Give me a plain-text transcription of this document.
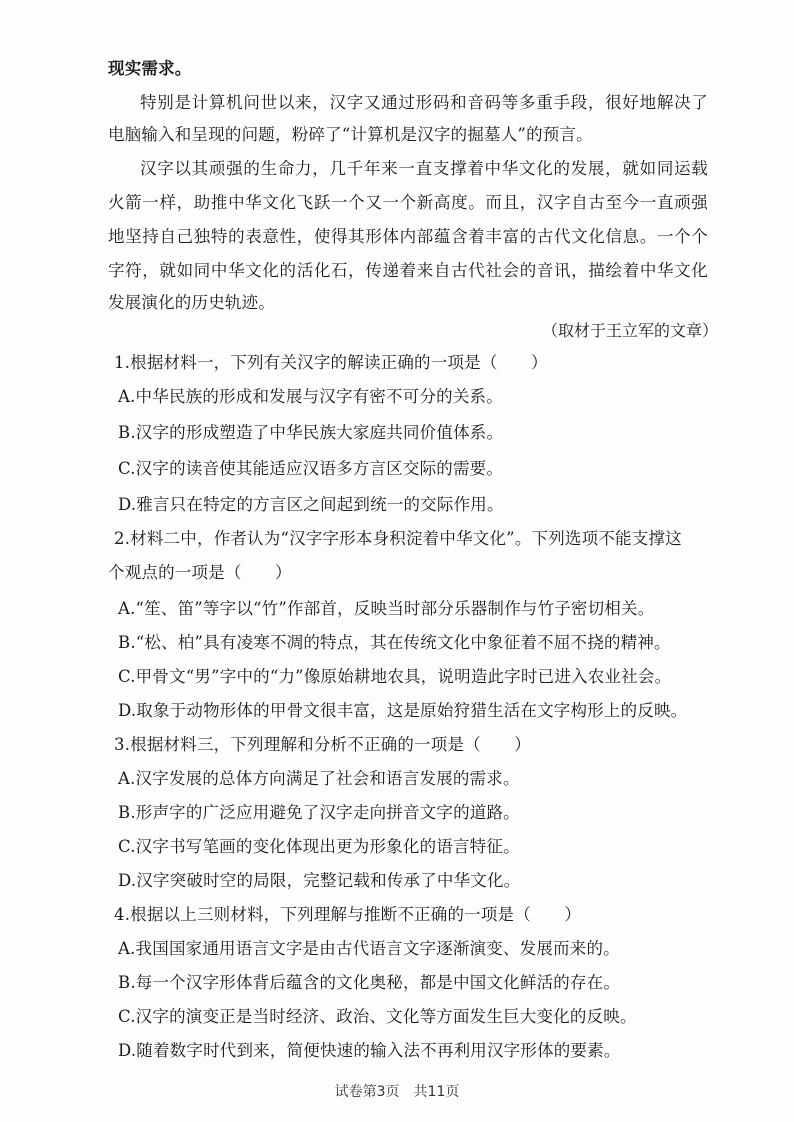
现实需求。
特别是计算机问世以来，汉字又通过形码和音码等多重手段，很好地解决了
电脑输入和呈现的问题，粉碎了“计算机是汉字的掘墓人”的预言。
汉字以其顽强的生命力，几千年来一直支撑着中华文化的发展，就如同运载
火箭一样，助推中华文化飞跃一个又一个新高度。而且，汉字自古至今一直顽强
地坚持自己独特的表意性，使得其形体内部蕴含着丰富的古代文化信息。一个个
字符，就如同中华文化的活化石，传递着来自古代社会的音讯，描绘着中华文化
发展演化的历史轨迹。
（取材于王立军的文章）
1.根据材料一，下列有关汉字的解读正确的一项是（　　）
A.中华民族的形成和发展与汉字有密不可分的关系。
B.汉字的形成塑造了中华民族大家庭共同价值体系。
C.汉字的读音使其能适应汉语多方言区交际的需要。
D.雅言只在特定的方言区之间起到统一的交际作用。
2.材料二中，作者认为“汉字字形本身积淀着中华文化”。下列选项不能支撑这
个观点的一项是（　　）
A.“笙、笛”等字以“竹”作部首，反映当时部分乐器制作与竹子密切相关。
B.“松、柏”具有凌寒不凋的特点，其在传统文化中象征着不屈不挠的精神。
C.甲骨文“男”字中的“力”像原始耕地农具，说明造此字时已进入农业社会。
D.取象于动物形体的甲骨文很丰富，这是原始狩猎生活在文字构形上的反映。
3.根据材料三，下列理解和分析不正确的一项是（　　）
A.汉字发展的总体方向满足了社会和语言发展的需求。
B.形声字的广泛应用避免了汉字走向拼音文字的道路。
C.汉字书写笔画的变化体现出更为形象化的语言特征。
D.汉字突破时空的局限，完整记载和传承了中华文化。
4.根据以上三则材料，下列理解与推断不正确的一项是（　　）
A.我国国家通用语言文字是由古代语言文字逐渐演变、发展而来的。
B.每一个汉字形体背后蕴含的文化奥秘，都是中国文化鲜活的存在。
C.汉字的演变正是当时经济、政治、文化等方面发生巨大变化的反映。
D.随着数字时代到来，简便快速的输入法不再利用汉字形体的要素。
试卷第3页　共11页
